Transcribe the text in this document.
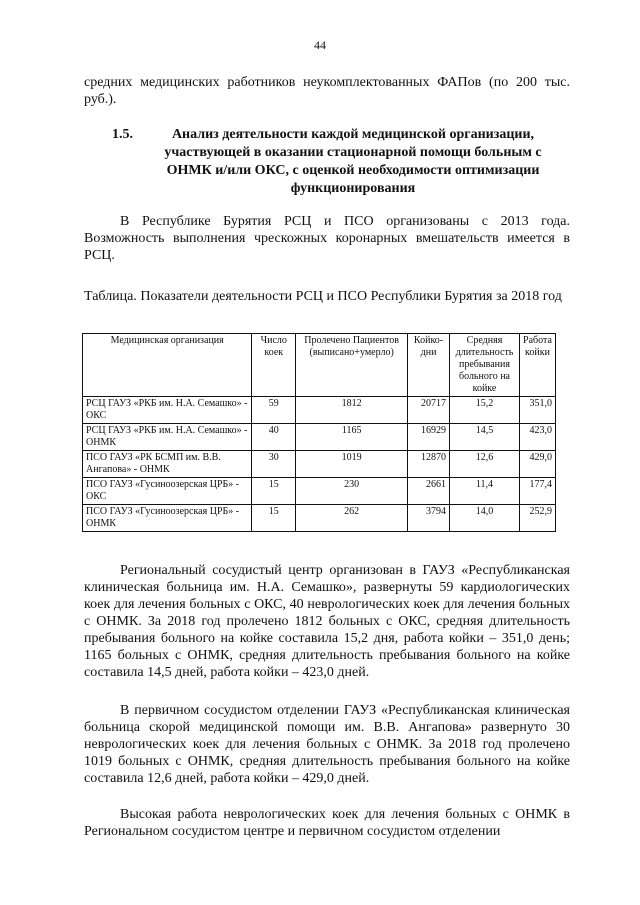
44
средних медицинских работников неукомплектованных ФАПов (по 200 тыс. руб.).
1.5.	Анализ деятельности каждой медицинской организации, участвующей в оказании стационарной помощи больным с ОНМК и/или ОКС, с оценкой необходимости оптимизации функционирования
В Республике Бурятия РСЦ и ПСО организованы с 2013 года. Возможность выполнения чрескожных коронарных вмешательств имеется в РСЦ.
Таблица. Показатели деятельности РСЦ и ПСО Республики Бурятия за 2018 год
Медицинская организация	Число коек	Пролечено Пациентов (выписано+умерло)	Койко-дни	Средняя длительность пребывания больного на койке	Работа койки
РСЦ ГАУЗ «РКБ им. Н.А. Семашко» - ОКС	59	1812	20717	15,2	351,0
РСЦ ГАУЗ «РКБ им. Н.А. Семашко» - ОНМК	40	1165	16929	14,5	423,0
ПСО ГАУЗ «РК БСМП им. В.В. Ангапова» - ОНМК	30	1019	12870	12,6	429,0
ПСО ГАУЗ «Гусиноозерская ЦРБ» - ОКС	15	230	2661	11,4	177,4
ПСО ГАУЗ «Гусиноозерская ЦРБ» - ОНМК	15	262	3794	14,0	252,9
Региональный сосудистый центр организован в ГАУЗ «Республиканская клиническая больница им. Н.А. Семашко», развернуты 59 кардиологических коек для лечения больных с ОКС, 40 неврологических коек для лечения больных с ОНМК. За 2018 год пролечено 1812 больных с ОКС, средняя длительность пребывания больного на койке составила 15,2 дня, работа койки – 351,0 день; 1165 больных с ОНМК, средняя длительность пребывания больного на койке составила 14,5 дней, работа койки – 423,0 дней.
В первичном сосудистом отделении ГАУЗ «Республиканская клиническая больница скорой медицинской помощи им. В.В. Ангапова» развернуто 30 неврологических коек для лечения больных с ОНМК. За 2018 год пролечено 1019 больных с ОНМК, средняя длительность пребывания больного на койке составила 12,6 дней, работа койки – 429,0 дней.
Высокая работа неврологических коек для лечения больных с ОНМК в Региональном сосудистом центре и первичном сосудистом отделении
